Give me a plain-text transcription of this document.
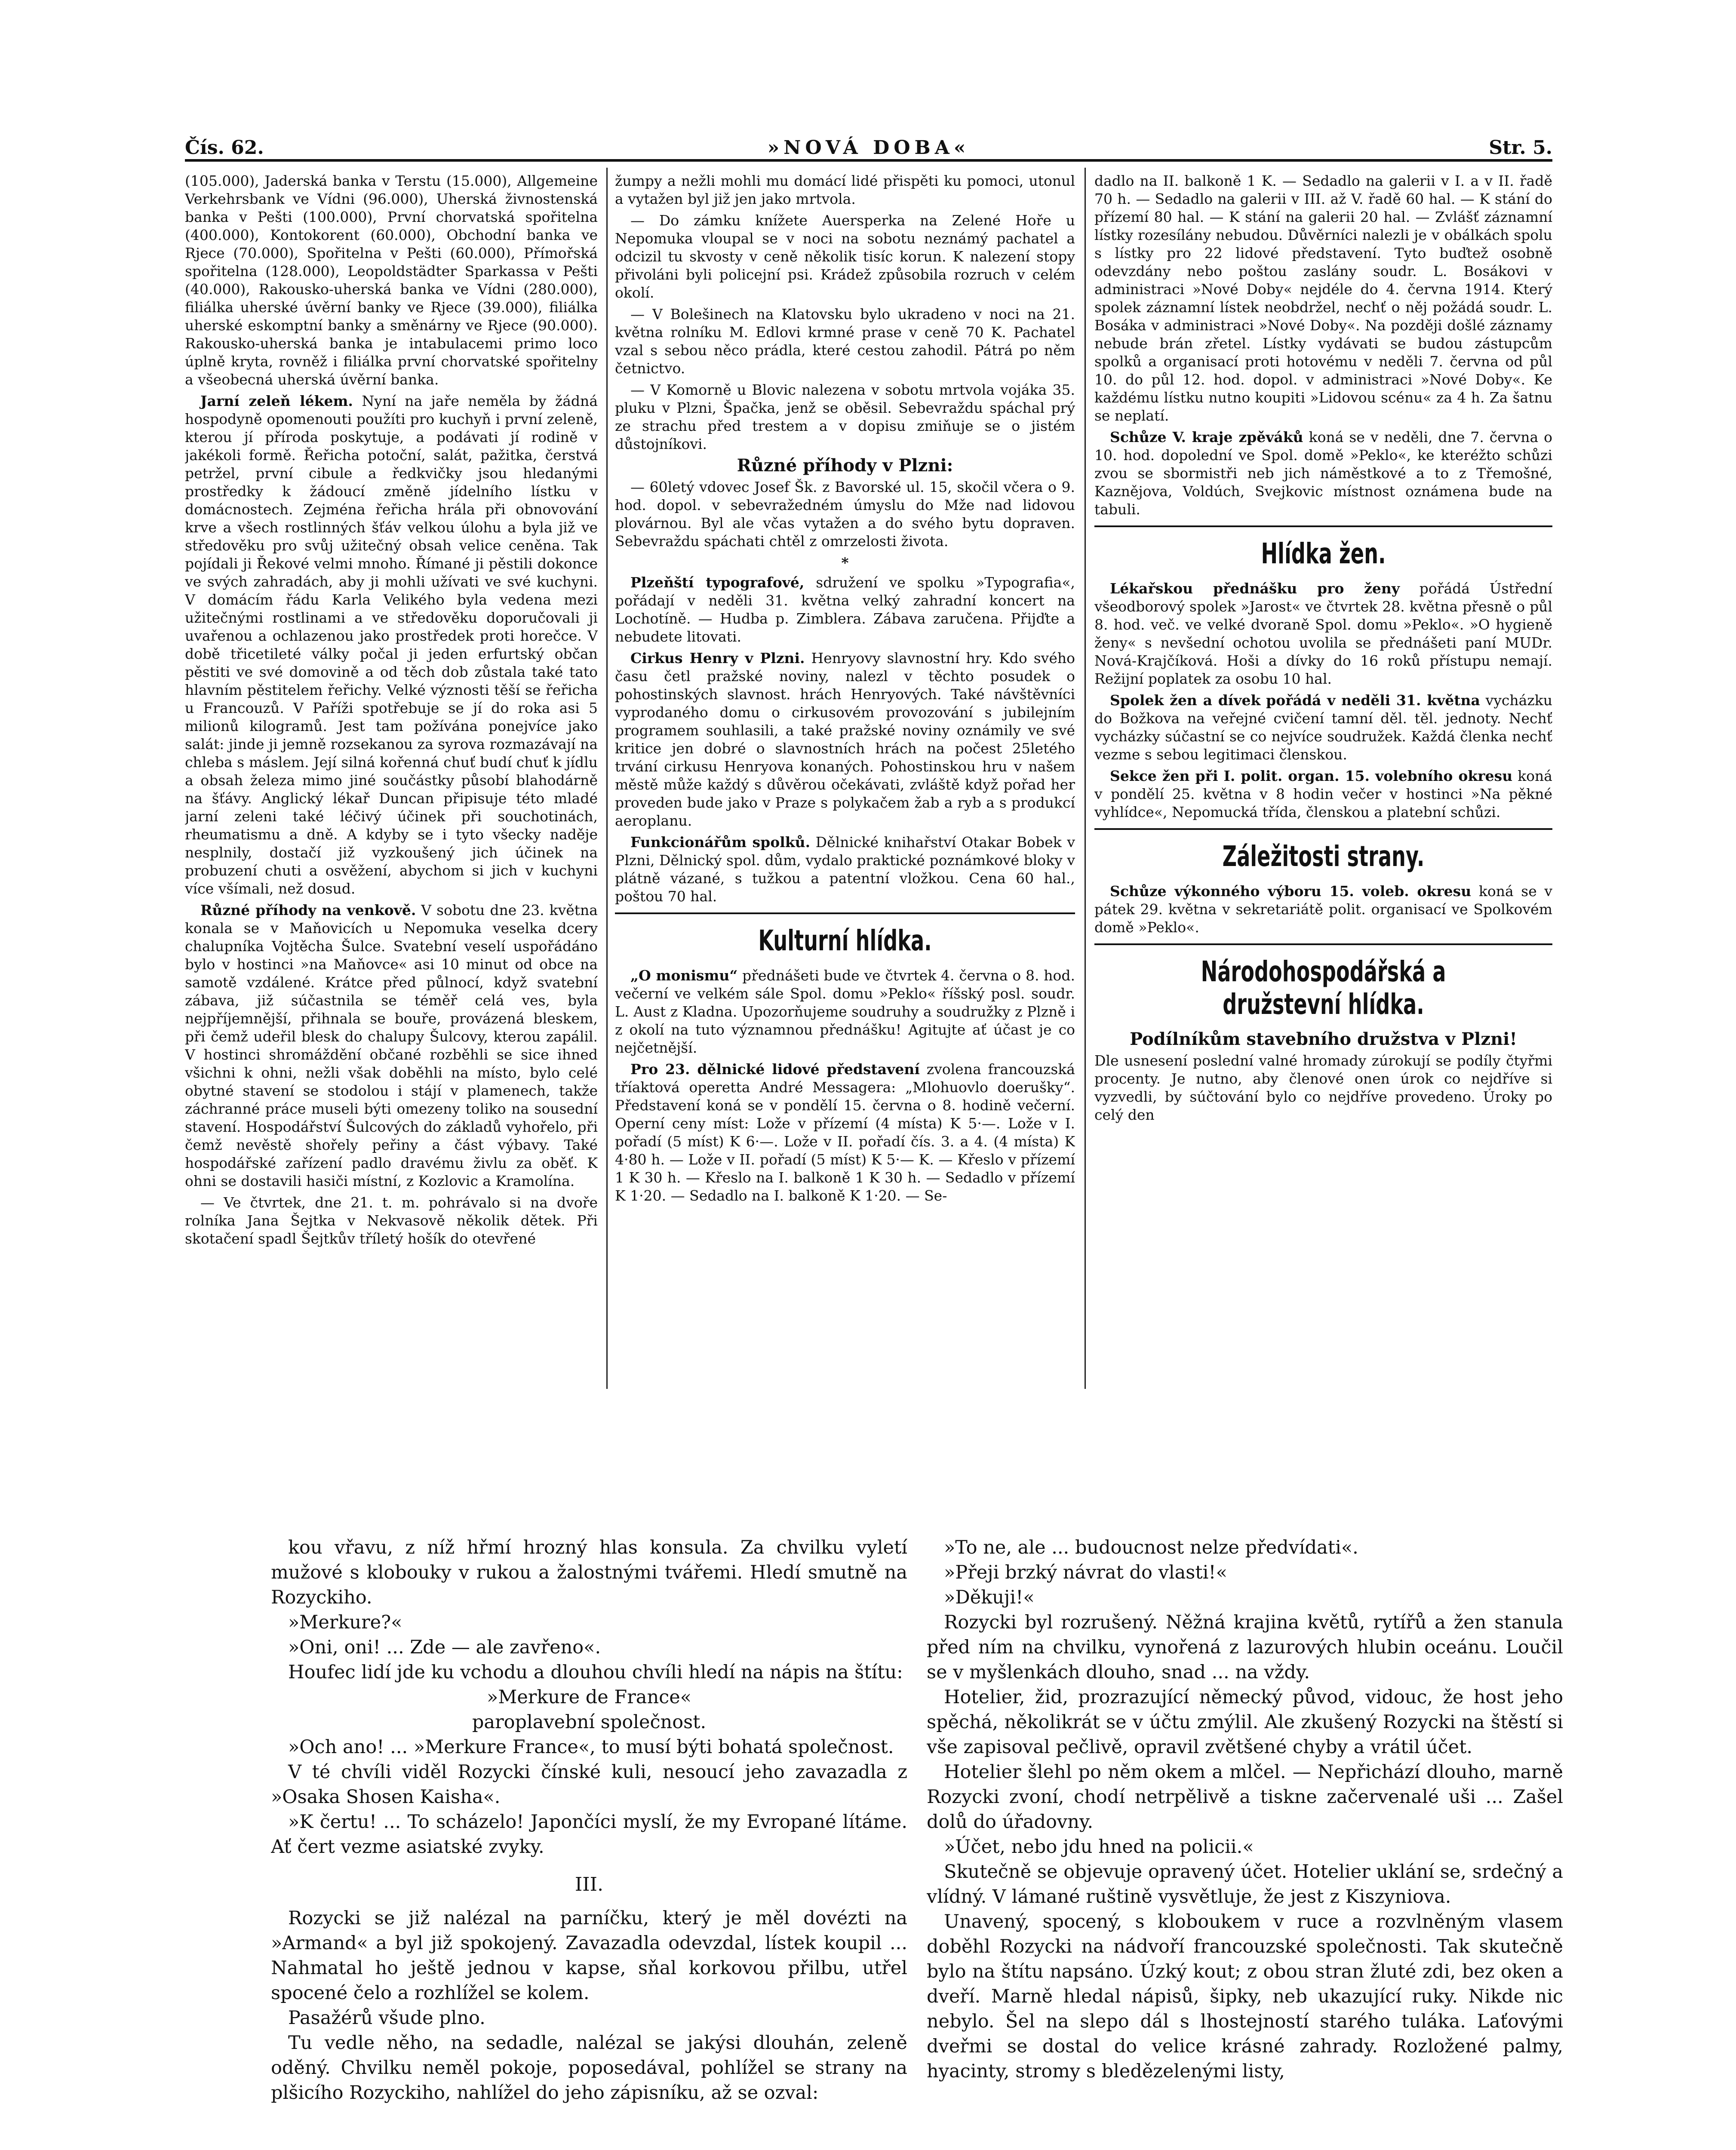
Čís. 62.	»NOVÁ DOBA«	Str. 5.

(105.000), Jaderská banka v Terstu (15.000), Allgemeine Verkehrsbank ve Vídni (96.000), Uherská živnostenská banka v Pešti (100.000), První chorvatská spořitelna (400.000), Kontokorent (60.000), Obchodní banka ve Rjece (70.000), Spořitelna v Pešti (60.000), Přímořská spořitelna (128.000), Leopoldstädter Sparkassa v Pešti (40.000), Rakousko-uherská banka ve Vídni (280.000), filiálka uherské úvěrní banky ve Rjece (39.000), filiálka uherské eskomptní banky a směnárny ve Rjece (90.000). Rakousko-uherská banka je intabulacemi primo loco úplně kryta, rovněž i filiálka první chorvatské spořitelny a všeobecná uherská úvěrní banka.

Jarní zeleň lékem. Nyní na jaře neměla by žádná hospodyně opomenouti použíti pro kuchyň i první zeleně, kterou jí příroda poskytuje, a podávati jí rodině v jakékoli formě. Řeřicha potoční, salát, pažitka, čerstvá petržel, první cibule a ředkvičky jsou hledanými prostředky k žádoucí změně jídelního lístku v domácnostech. Zejména řeřicha hrála při obnovování krve a všech rostlinných šťáv velkou úlohu a byla již ve středověku pro svůj užitečný obsah velice ceněna. Tak pojídali ji Řekové velmi mnoho. Římané ji pěstili dokonce ve svých zahradách, aby ji mohli užívati ve své kuchyni. V domácím řádu Karla Velikého byla vedena mezi užitečnými rostlinami a ve středověku doporučovali ji uvařenou a ochlazenou jako prostředek proti horečce. V době třicetileté války počal ji jeden erfurtský občan pěstiti ve své domovině a od těch dob zůstala také tato hlavním pěstitelem řeřichy. Velké význosti těší se řeřicha u Francouzů. V Paříži spotřebuje se jí do roka asi 5 milionů kilogramů. Jest tam požívána ponejvíce jako salát: jinde ji jemně rozsekanou za syrova rozmazávají na chleba s máslem. Její silná kořenná chuť budí chuť k jídlu a obsah železa mimo jiné součástky působí blahodárně na šťávy. Anglický lékař Duncan připisuje této mladé jarní zeleni také léčivý účinek při souchotinách, rheumatismu a dně. A kdyby se i tyto všecky naděje nesplnily, dostačí již vyzkoušený jich účinek na probuzení chuti a osvěžení, abychom si jich v kuchyni více všímali, než dosud.

Různé příhody na venkově. V sobotu dne 23. května konala se v Maňovicích u Nepomuka veselka dcery chalupníka Vojtěcha Šulce. Svatební veselí uspořádáno bylo v hostinci »na Maňovce« asi 10 minut od obce na samotě vzdálené. Krátce před půlnocí, když svatební zábava, již súčastnila se téměř celá ves, byla nejpříjemnější, přihnala se bouře, provázená bleskem, při čemž udeřil blesk do chalupy Šulcovy, kterou zapálil. V hostinci shromáždění občané rozběhli se sice ihned všichni k ohni, nežli však doběhli na místo, bylo celé obytné stavení se stodolou i stájí v plamenech, takže záchranné práce museli býti omezeny toliko na sousední stavení. Hospodářství Šulcových do základů vyhořelo, při čemž nevěstě shořely peřiny a část výbavy. Také hospodářské zařízení padlo dravému živlu za oběť. K ohni se dostavili hasiči místní, z Kozlovic a Kramolína.

— Ve čtvrtek, dne 21. t. m. pohrávalo si na dvoře rolníka Jana Šejtka v Nekvasově několik dětek. Při skotačení spadl Šejtkův tříletý hošík do otevřené

žumpy a nežli mohli mu domácí lidé přispěti ku pomoci, utonul a vytažen byl již jen jako mrtvola.

— Do zámku knížete Auersperka na Zelené Hoře u Nepomuka vloupal se v noci na sobotu neznámý pachatel a odcizil tu skvosty v ceně několik tisíc korun. K nalezení stopy přivoláni byli policejní psi. Krádež způsobila rozruch v celém okolí.

— V Bolešinech na Klatovsku bylo ukradeno v noci na 21. května rolníku M. Edlovi krmné prase v ceně 70 K. Pachatel vzal s sebou něco prádla, které cestou zahodil. Pátrá po něm četnictvo.

— V Komorně u Blovic nalezena v sobotu mrtvola vojáka 35. pluku v Plzni, Špačka, jenž se oběsil. Sebevraždu spáchal prý ze strachu před trestem a v dopisu zmiňuje se o jistém důstojníkovi.

Různé příhody v Plzni:

— 60letý vdovec Josef Šk. z Bavorské ul. 15, skočil včera o 9. hod. dopol. v sebevražedném úmyslu do Mže nad lidovou plovárnou. Byl ale včas vytažen a do svého bytu dopraven. Sebevraždu spáchati chtěl z omrzelosti života.

*

Plzeňští typografové, sdružení ve spolku »Typografia«, pořádají v neděli 31. května velký zahradní koncert na Lochotíně. — Hudba p. Zimblera. Zábava zaručena. Přijďte a nebudete litovati.

Cirkus Henry v Plzni. Henryovy slavnostní hry. Kdo svého času četl pražské noviny, nalezl v těchto posudek o pohostinských slavnost. hrách Henryových. Také návštěvníci vyprodaného domu o cirkusovém provozování s jubilejním programem souhlasili, a také pražské noviny oznámily ve své kritice jen dobré o slavnostních hrách na počest 25letého trvání cirkusu Henryova konaných. Pohostinskou hru v našem městě může každý s důvěrou očekávati, zvláště když pořad her proveden bude jako v Praze s polykačem žab a ryb a s produkcí aeroplanu.

Funkcionářům spolků. Dělnické knihařství Otakar Bobek v Plzni, Dělnický spol. dům, vydalo praktické poznámkové bloky v plátně vázané, s tužkou a patentní vložkou. Cena 60 hal., poštou 70 hal.

Kulturní hlídka.

„O monismu“ přednášeti bude ve čtvrtek 4. června o 8. hod. večerní ve velkém sále Spol. domu »Peklo« říšský posl. soudr. L. Aust z Kladna. Upozorňujeme soudruhy a soudružky z Plzně i z okolí na tuto významnou přednášku! Agitujte ať účast je co nejčetnější.

Pro 23. dělnické lidové představení zvolena francouzská tříaktová operetta André Messagera: „Mlohuovlo doerušky“. Představení koná se v pondělí 15. června o 8. hodině večerní. Operní ceny míst: Lože v přízemí (4 místa) K 5·—. Lože v I. pořadí (5 míst) K 6·—. Lože v II. pořadí čís. 3. a 4. (4 místa) K 4·80 h. — Lože v II. pořadí (5 míst) K 5·— K. — Křeslo v přízemí 1 K 30 h. — Křeslo na I. balkoně 1 K 30 h. — Sedadlo v přízemí K 1·20. — Sedadlo na I. balkoně K 1·20. — Se-

dadlo na II. balkoně 1 K. — Sedadlo na galerii v I. a v II. řadě 70 h. — Sedadlo na galerii v III. až V. řadě 60 hal. — K stání do přízemí 80 hal. — K stání na galerii 20 hal. — Zvlášť záznamní lístky rozesílány nebudou. Důvěrníci nalezli je v obálkách spolu s lístky pro 22 lidové představení. Tyto buďtež osobně odevzdány nebo poštou zaslány soudr. L. Bosákovi v administraci »Nové Doby« nejdéle do 4. června 1914. Který spolek záznamní lístek neobdržel, nechť o něj požádá soudr. L. Bosáka v administraci »Nové Doby«. Na později došlé záznamy nebude brán zřetel. Lístky vydávati se budou zástupcům spolků a organisací proti hotovému v neděli 7. června od půl 10. do půl 12. hod. dopol. v administraci »Nové Doby«. Ke každému lístku nutno koupiti »Lidovou scénu« za 4 h. Za šatnu se neplatí.

Schůze V. kraje zpěváků koná se v neděli, dne 7. června o 10. hod. dopolední ve Spol. domě »Peklo«, ke kteréžto schůzi zvou se sbormistři neb jich náměstkové a to z Třemošné, Kaznějova, Voldúch, Svejkovic místnost oznámena bude na tabuli.

Hlídka žen.

Lékařskou přednášku pro ženy pořádá Ústřední všeodborový spolek »Jarost« ve čtvrtek 28. května přesně o půl 8. hod. več. ve velké dvoraně Spol. domu »Peklo«. »O hygieně ženy« s nevšední ochotou uvolila se přednášeti paní MUDr. Nová-Krajčíková. Hoši a dívky do 16 roků přístupu nemají. Režijní poplatek za osobu 10 hal.

Spolek žen a dívek pořádá v neděli 31. května vycházku do Božkova na veřejné cvičení tamní děl. těl. jednoty. Nechť vycházky súčastní se co nejvíce soudružek. Každá členka nechť vezme s sebou legitimaci členskou.

Sekce žen při I. polit. organ. 15. volebního okresu koná v pondělí 25. května v 8 hodin večer v hostinci »Na pěkné vyhlídce«, Nepomucká třída, členskou a platební schůzi.

Záležitosti strany.

Schůze výkonného výboru 15. voleb. okresu koná se v pátek 29. května v sekretariátě polit. organisací ve Spolkovém domě »Peklo«.

Národohospodářská a družstevní hlídka.
Podílníkům stavebního družstva v Plzni!

Dle usnesení poslední valné hromady zúrokují se podíly čtyřmi procenty. Je nutno, aby členové onen úrok co nejdříve si vyzvedli, by súčtování bylo co nejdříve provedeno. Úroky po celý den

kou vřavu, z níž hřmí hrozný hlas konsula. Za chvilku vyletí mužové s klobouky v rukou a žalostnými tvářemi. Hledí smutně na Rozyckiho.

»Merkure?«

»Oni, oni! ... Zde — ale zavřeno«.

Houfec lidí jde ku vchodu a dlouhou chvíli hledí na nápis na štítu:

»Merkure de France«

paroplavební společnost.

»Och ano! ... »Merkure France«, to musí býti bohatá společnost.

V té chvíli viděl Rozycki čínské kuli, nesoucí jeho zavazadla z »Osaka Shosen Kaisha«.

»K čertu! ... To scházelo! Japončíci myslí, že my Evropané lítáme. Ať čert vezme asiatské zvyky.

III.

Rozycki se již nalézal na parníčku, který je měl dovézti na »Armand« a byl již spokojený. Zavazadla odevzdal, lístek koupil ... Nahmatal ho ještě jednou v kapse, sňal korkovou přilbu, utřel spocené čelo a rozhlížel se kolem.

Pasažérů všude plno.

Tu vedle něho, na sedadle, nalézal se jakýsi dlouhán, zeleně oděný. Chvilku neměl pokoje, poposedával, pohlížel se strany na plšicího Rozyckiho, nahlížel do jeho zápisníku, až se ozval:

»To ne, ale ... budoucnost nelze předvídati«.

»Přeji brzký návrat do vlasti!«

»Děkuji!«

Rozycki byl rozrušený. Něžná krajina květů, rytířů a žen stanula před ním na chvilku, vynořená z lazurových hlubin oceánu. Loučil se v myšlenkách dlouho, snad ... na vždy.

Hotelier, žid, prozrazující německý původ, vidouc, že host jeho spěchá, několikrát se v účtu zmýlil. Ale zkušený Rozycki na štěstí si vše zapisoval pečlivě, opravil zvětšené chyby a vrátil účet.

Hotelier šlehl po něm okem a mlčel. — Nepřichází dlouho, marně Rozycki zvoní, chodí netrpělivě a tiskne začervenalé uši ... Zašel dolů do úřadovny.

»Účet, nebo jdu hned na policii.«

Skutečně se objevuje opravený účet. Hotelier uklání se, srdečný a vlídný. V lámané ruštině vysvětluje, že jest z Kiszyniova.

Unavený, spocený, s kloboukem v ruce a rozvlněným vlasem doběhl Rozycki na nádvoří francouzské společnosti. Tak skutečně bylo na štítu napsáno. Úzký kout; z obou stran žluté zdi, bez oken a dveří. Marně hledal nápisů, šipky, neb ukazující ruky. Nikde nic nebylo. Šel na slepo dál s lhostejností starého tuláka. Laťovými dveřmi se dostal do velice krásné zahrady. Rozložené palmy, hyacinty, stromy s bledězelenými listy,
